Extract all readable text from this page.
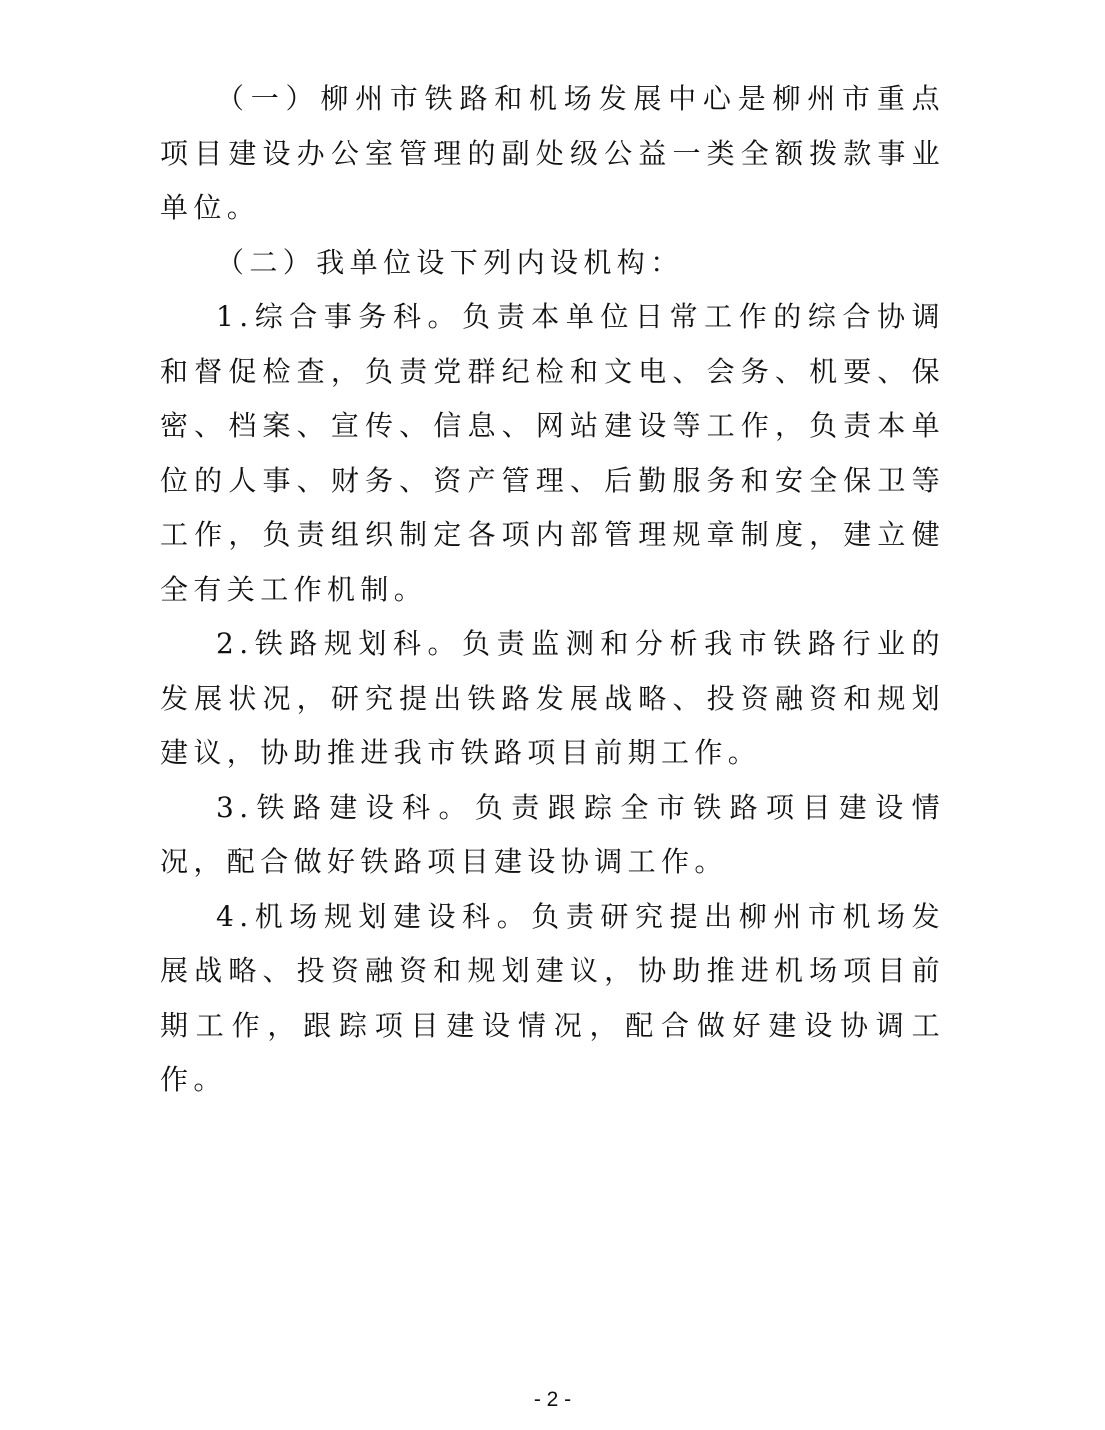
（一）柳州市铁路和机场发展中心是柳州市重点项目建设办公室管理的副处级公益一类全额拨款事业单位。

（二）我单位设下列内设机构：

1.综合事务科。负责本单位日常工作的综合协调和督促检查，负责党群纪检和文电、会务、机要、保密、档案、宣传、信息、网站建设等工作，负责本单位的人事、财务、资产管理、后勤服务和安全保卫等工作，负责组织制定各项内部管理规章制度，建立健全有关工作机制。

2.铁路规划科。负责监测和分析我市铁路行业的发展状况，研究提出铁路发展战略、投资融资和规划建议，协助推进我市铁路项目前期工作。

3.铁路建设科。负责跟踪全市铁路项目建设情况，配合做好铁路项目建设协调工作。

4.机场规划建设科。负责研究提出柳州市机场发展战略、投资融资和规划建议，协助推进机场项目前期工作，跟踪项目建设情况，配合做好建设协调工作。

- 2 -
